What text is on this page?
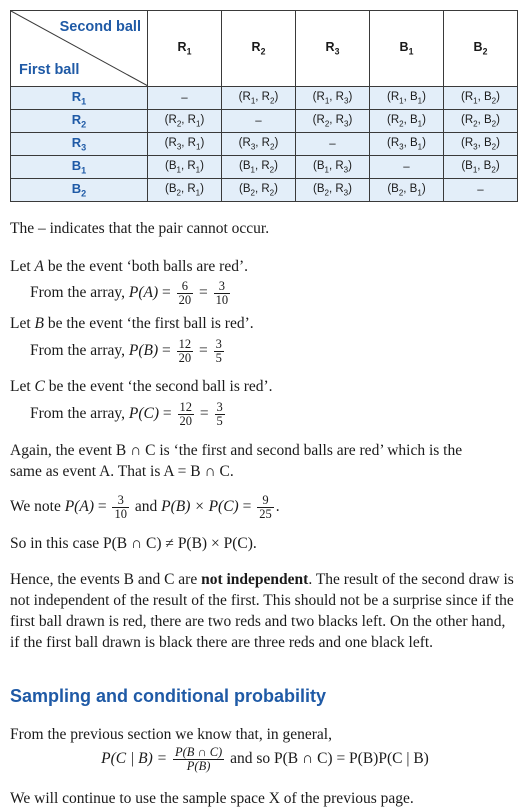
Second ball
First ball	$R_1$	$R_2$	$R_3$	$B_1$	$B_2$
$R_1$	–	($R_1$, $R_2$)	($R_1$, $R_3$)	($R_1$, $B_1$)	($R_1$, $B_2$)
$R_2$	($R_2$, $R_1$)	–	($R_2$, $R_3$)	($R_2$, $B_1$)	($R_2$, $B_2$)
$R_3$	($R_3$, $R_1$)	($R_3$, $R_2$)	–	($R_3$, $B_1$)	($R_3$, $B_2$)
$B_1$	($B_1$, $R_1$)	($B_1$, $R_2$)	($B_1$, $R_3$)	–	($B_1$, $B_2$)
$B_2$	($B_2$, $R_1$)	($B_2$, $R_2$)	($B_2$, $R_3$)	($B_2$, $B_1$)	–
The – indicates that the pair cannot occur.
Let A be the event ‘both balls are red’.
From the array, $P(A) = \frac{6}{20} = \frac{3}{10}$
Let B be the event ‘the first ball is red’.
From the array, $P(B) = \frac{12}{20} = \frac{3}{5}$
Let C be the event ‘the second ball is red’.
From the array, $P(C) = \frac{12}{20} = \frac{3}{5}$
Again, the event B ∩ C is ‘the first and second balls are red’ which is the
same as event A. That is A = B ∩ C.
We note $P(A) = \frac{3}{10}$ and $P(B) \times P(C) = \frac{9}{25}$ .
So in this case P(B ∩ C) ≠ P(B) × P(C).
Hence, the events B and C are not independent. The result of the second draw is not independent of the result of the first. This should not be a surprise since if the first ball drawn is red, there are two reds and two blacks left. On the other hand, if the first ball drawn is black there are three reds and one black left.
Sampling and conditional probability
From the previous section we know that, in general,
P(C | $B) = \frac{P(B \cap C)}{P(B)}$ and so P(B ∩ C) = P(B)P(C | B)
We will continue to use the sample space X of the previous page.
